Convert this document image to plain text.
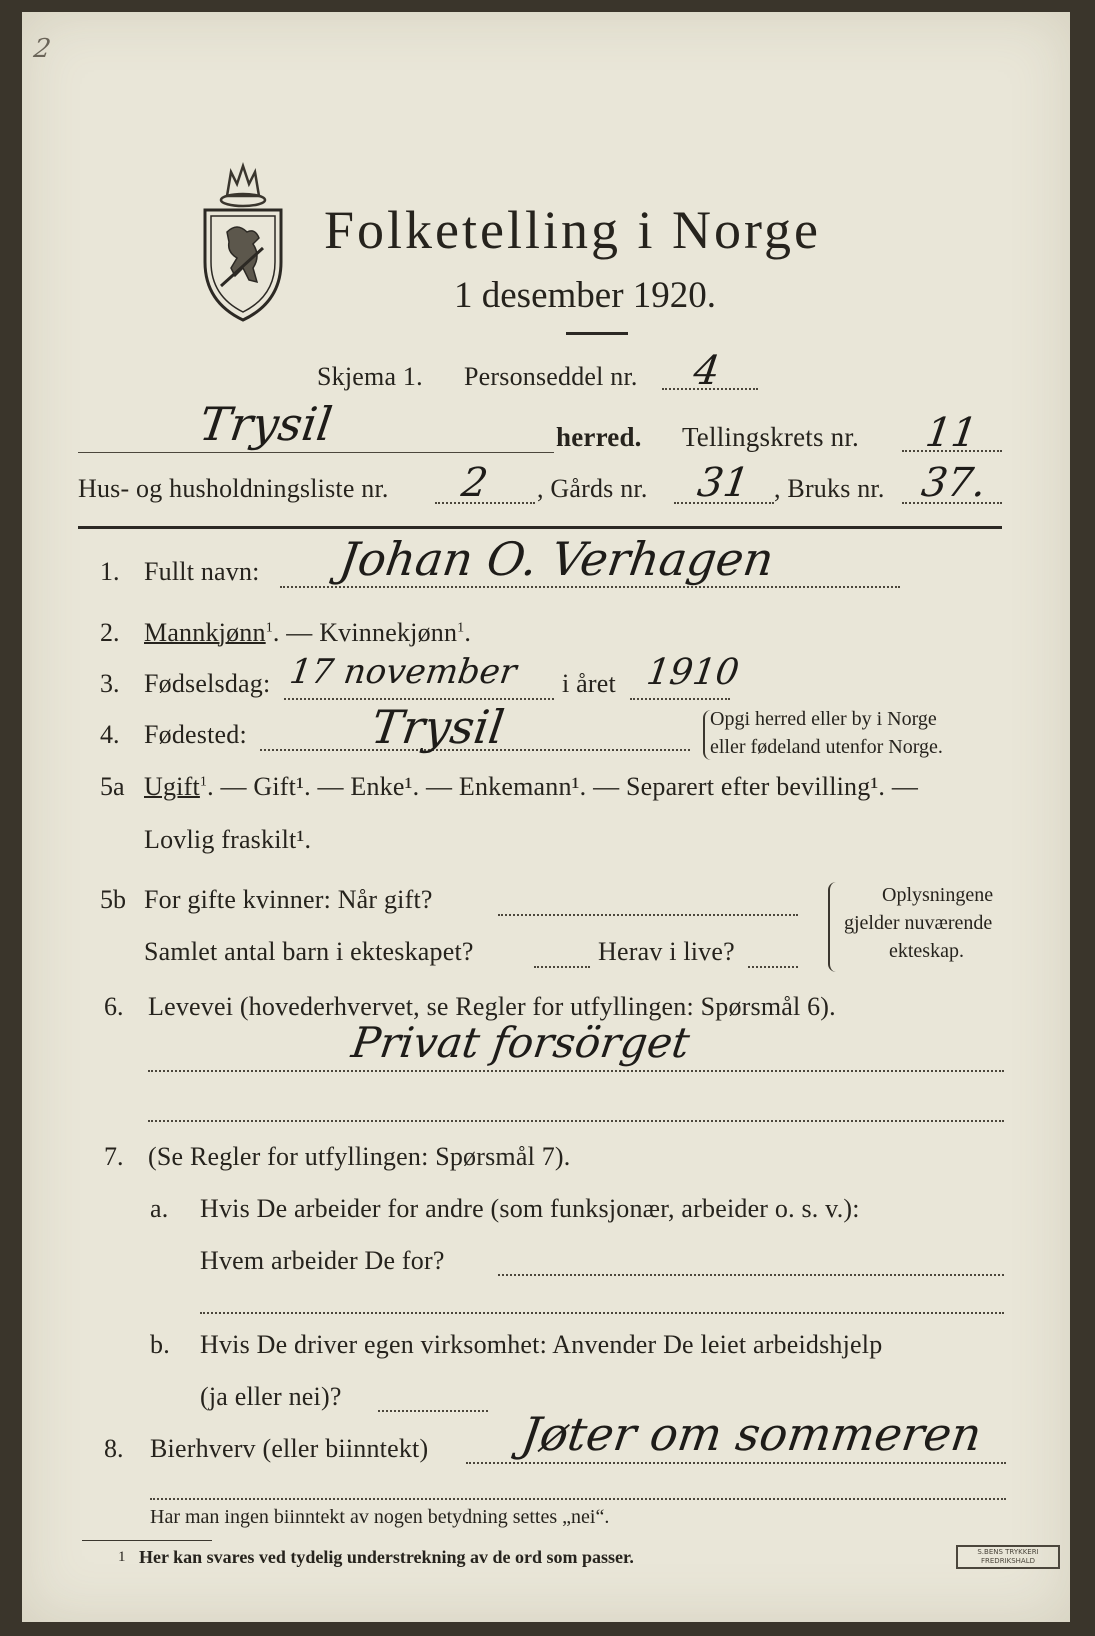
2
Folketelling i Norge
1 desember 1920.
Skjema 1. Personseddel nr. 4
Trysil	herred. Tellingskrets nr. 11
Hus- og husholdningsliste nr. 2 , Gårds nr. 31 , Bruks nr. 37.
1. Fullt navn: Johan O. Verhagen
2. Mannkjønn$^1$. — Kvinnekjønn$^1$.
3. Fødselsdag: 17 november i året 1910
4. Fødested:	Trysil	Opgi herred eller by i Norge
eller fødeland utenfor Norge.
5a Ugift$^1$. — Gift¹. — Enke¹. — Enkemann¹. — Separert efter bevilling¹. —
Lovlig fraskilt¹.
5b For gifte kvinner: Når gift?
Samlet antal barn i ekteskapet?	Herav i live?
Oplysningene
gjelder nuværende
ekteskap.
6. Levevei (hovederhvervet, se Regler for utfyllingen: Spørsmål 6).
Privat forsörget
7. (Se Regler for utfyllingen: Spørsmål 7).
a. Hvis De arbeider for andre (som funksjonær, arbeider o. s. v.):
Hvem arbeider De for?
b. Hvis De driver egen virksomhet: Anvender De leiet arbeidshjelp
(ja eller nei)?
8. Bierhverv (eller biinntekt) Jøter om sommeren
Har man ingen biinntekt av nogen betydning settes „nei“.
1 Her kan svares ved tydelig understrekning av de ord som passer.	S.BENS TRYKKERI
FREDRIKSHALD
